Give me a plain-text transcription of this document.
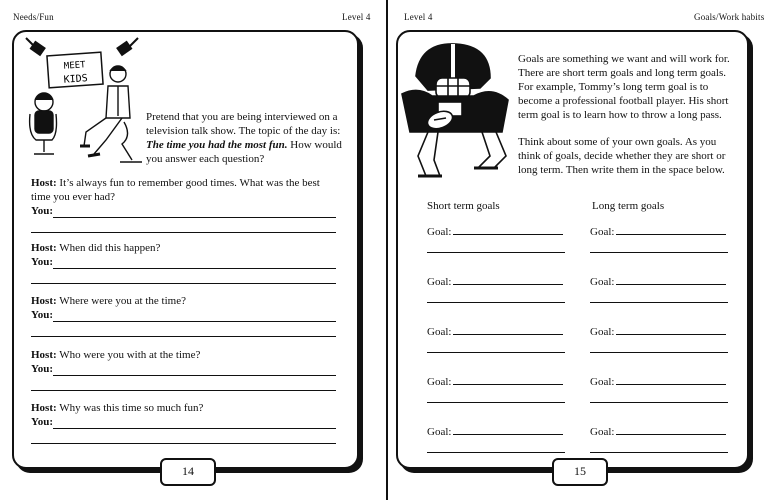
Needs/Fun	Level 4	Level 4	Goals/Work habits
MEET
KIDS
Pretend that you are being interviewed on a television talk show. The topic of the day is: The time you had the most fun. How would you answer each question?
Host: It’s always fun to remember good times. What was the best time you ever had?
You:
Host: When did this happen?
You:
Host: Where were you at the time?
You:
Host: Who were you with at the time?
You:
Host: Why was this time so much fun?
You:
14
Goals are something we want and will work for. There are short term goals and long term goals. For example, Tommy’s long term goal is to become a professional football player. His short term goal is to learn how to throw a long pass.
Think about some of your own goals. As you think of goals, decide whether they are short or long term. Then write them in the space below.
Short term goals	Long term goals
Goal:	Goal:
Goal:	Goal:
Goal:	Goal:
Goal:	Goal:
Goal:	Goal:
15
